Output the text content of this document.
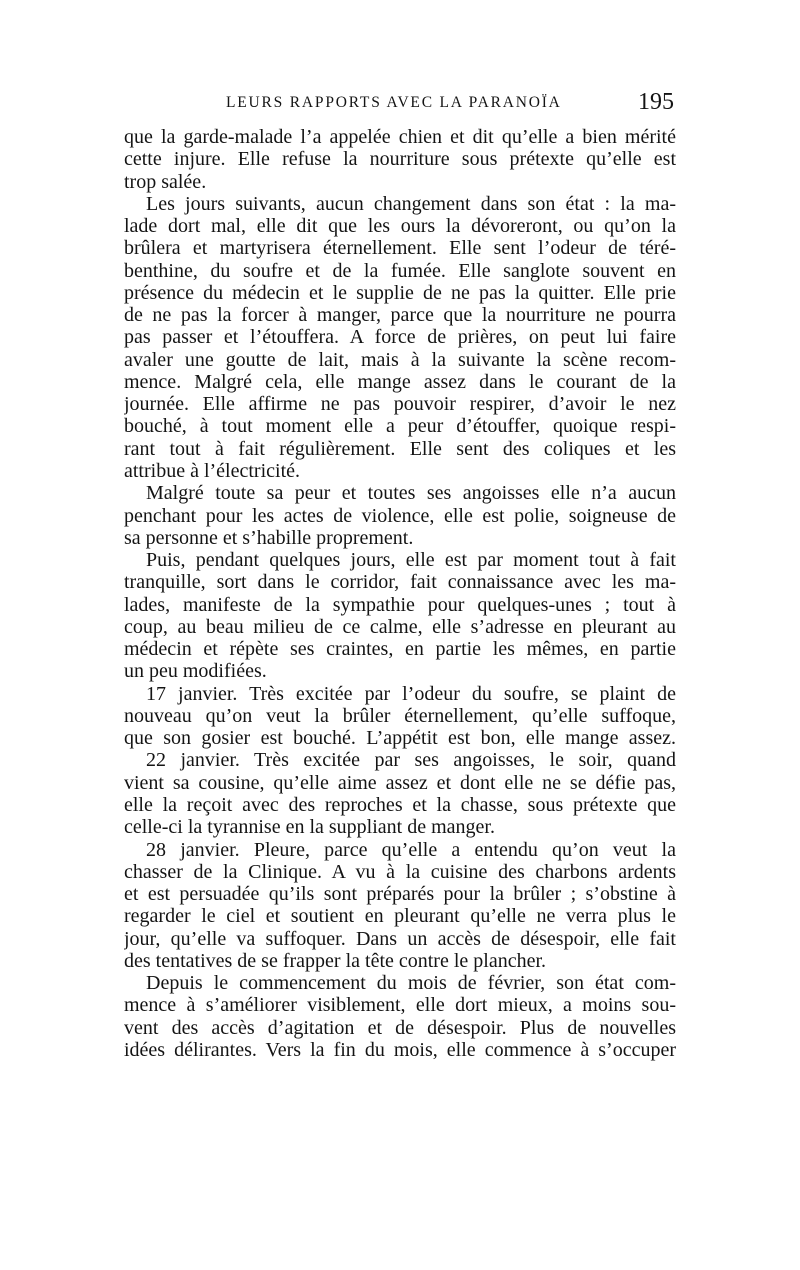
LEURS RAPPORTS AVEC LA PARANOÏA	195
que la garde-malade l’a appelée chien et dit qu’elle a bien mérité
cette injure. Elle refuse la nourriture sous prétexte qu’elle est
trop salée.
Les jours suivants, aucun changement dans son état : la ma-
lade dort mal, elle dit que les ours la dévoreront, ou qu’on la
brûlera et martyrisera éternellement. Elle sent l’odeur de téré-
benthine, du soufre et de la fumée. Elle sanglote souvent en
présence du médecin et le supplie de ne pas la quitter. Elle prie
de ne pas la forcer à manger, parce que la nourriture ne pourra
pas passer et l’étouffera. A force de prières, on peut lui faire
avaler une goutte de lait, mais à la suivante la scène recom-
mence. Malgré cela, elle mange assez dans le courant de la
journée. Elle affirme ne pas pouvoir respirer, d’avoir le nez
bouché, à tout moment elle a peur d’étouffer, quoique respi-
rant tout à fait régulièrement. Elle sent des coliques et les
attribue à l’électricité.
Malgré toute sa peur et toutes ses angoisses elle n’a aucun
penchant pour les actes de violence, elle est polie, soigneuse de
sa personne et s’habille proprement.
Puis, pendant quelques jours, elle est par moment tout à fait
tranquille, sort dans le corridor, fait connaissance avec les ma-
lades, manifeste de la sympathie pour quelques-unes ; tout à
coup, au beau milieu de ce calme, elle s’adresse en pleurant au
médecin et répète ses craintes, en partie les mêmes, en partie
un peu modifiées.
17 janvier. Très excitée par l’odeur du soufre, se plaint de
nouveau qu’on veut la brûler éternellement, qu’elle suffoque,
que son gosier est bouché. L’appétit est bon, elle mange assez.
22 janvier. Très excitée par ses angoisses, le soir, quand
vient sa cousine, qu’elle aime assez et dont elle ne se défie pas,
elle la reçoit avec des reproches et la chasse, sous prétexte que
celle-ci la tyrannise en la suppliant de manger.
28 janvier. Pleure, parce qu’elle a entendu qu’on veut la
chasser de la Clinique. A vu à la cuisine des charbons ardents
et est persuadée qu’ils sont préparés pour la brûler ; s’obstine à
regarder le ciel et soutient en pleurant qu’elle ne verra plus le
jour, qu’elle va suffoquer. Dans un accès de désespoir, elle fait
des tentatives de se frapper la tête contre le plancher.
Depuis le commencement du mois de février, son état com-
mence à s’améliorer visiblement, elle dort mieux, a moins sou-
vent des accès d’agitation et de désespoir. Plus de nouvelles
idées délirantes. Vers la fin du mois, elle commence à s’occuper
